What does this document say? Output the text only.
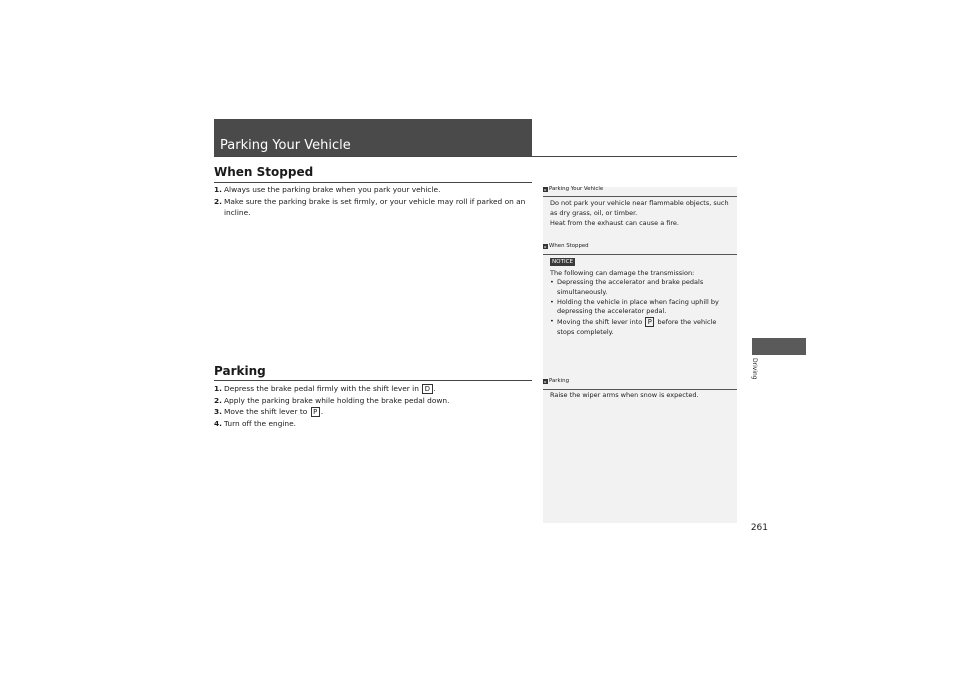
Parking Your Vehicle
When Stopped
1. Always use the parking brake when you park your vehicle.
2. Make sure the parking brake is set firmly, or your vehicle may roll if parked on an incline.
Parking
1. Depress the brake pedal firmly with the shift lever in D .
2. Apply the parking brake while holding the brake pedal down.
3. Move the shift lever to P .
4. Turn off the engine.
▸ Parking Your Vehicle
Do not park your vehicle near flammable objects, such as dry grass, oil, or timber.
Heat from the exhaust can cause a fire.
▸ When Stopped
NOTICE
The following can damage the transmission:
• Depressing the accelerator and brake pedals simultaneously.
• Holding the vehicle in place when facing uphill by depressing the accelerator pedal.
• Moving the shift lever into P before the vehicle stops completely.
▸ Parking
Raise the wiper arms when snow is expected.
Driving
261
